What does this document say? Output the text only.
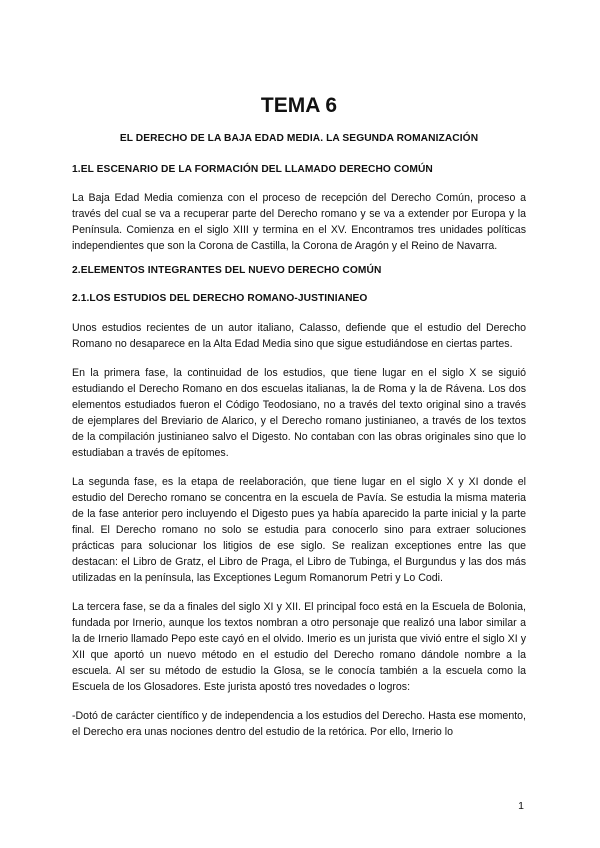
TEMA 6
EL DERECHO DE LA BAJA EDAD MEDIA. LA SEGUNDA ROMANIZACIÓN
1.EL ESCENARIO DE LA FORMACIÓN DEL LLAMADO DERECHO COMÚN

La Baja Edad Media comienza con el proceso de recepción del Derecho Común, proceso a través del cual se va a recuperar parte del Derecho romano y se va a extender por Europa y la Península. Comienza en el siglo XIII y termina en el XV. Encontramos tres unidades políticas independientes que son la Corona de Castilla, la Corona de Aragón y el Reino de Navarra.

2.ELEMENTOS INTEGRANTES DEL NUEVO DERECHO COMÚN
2.1.LOS ESTUDIOS DEL DERECHO ROMANO-JUSTINIANEO

Unos estudios recientes de un autor italiano, Calasso, defiende que el estudio del Derecho Romano no desaparece en la Alta Edad Media sino que sigue estudiándose en ciertas partes.

En la primera fase, la continuidad de los estudios, que tiene lugar en el siglo X se siguió estudiando el Derecho Romano en dos escuelas italianas, la de Roma y la de Rávena. Los dos elementos estudiados fueron el Código Teodosiano, no a través del texto original sino a través de ejemplares del Breviario de Alarico, y el Derecho romano justinianeo, a través de los textos de la compilación justinianeo salvo el Digesto. No contaban con las obras originales sino que lo estudiaban a través de epítomes.

La segunda fase, es la etapa de reelaboración, que tiene lugar en el siglo X y XI donde el estudio del Derecho romano se concentra en la escuela de Pavía. Se estudia la misma materia de la fase anterior pero incluyendo el Digesto pues ya había aparecido la parte inicial y la parte final. El Derecho romano no solo se estudia para conocerlo sino para extraer soluciones prácticas para solucionar los litigios de ese siglo. Se realizan exceptiones entre las que destacan: el Libro de Gratz, el Libro de Praga, el Libro de Tubinga, el Burgundus y las dos más utilizadas en la península, las Exceptiones Legum Romanorum Petri y Lo Codi.

La tercera fase, se da a finales del siglo XI y XII. El principal foco está en la Escuela de Bolonia, fundada por Irnerio, aunque los textos nombran a otro personaje que realizó una labor similar a la de Irnerio llamado Pepo este cayó en el olvido. Imerio es un jurista que vivió entre el siglo XI y XII que aportó un nuevo método en el estudio del Derecho romano dándole nombre a la escuela. Al ser su método de estudio la Glosa, se le conocía también a la escuela como la Escuela de los Glosadores. Este jurista apostó tres novedades o logros:

-Dotó de carácter científico y de independencia a los estudios del Derecho. Hasta ese momento, el Derecho era unas nociones dentro del estudio de la retórica. Por ello, Irnerio lo

1
